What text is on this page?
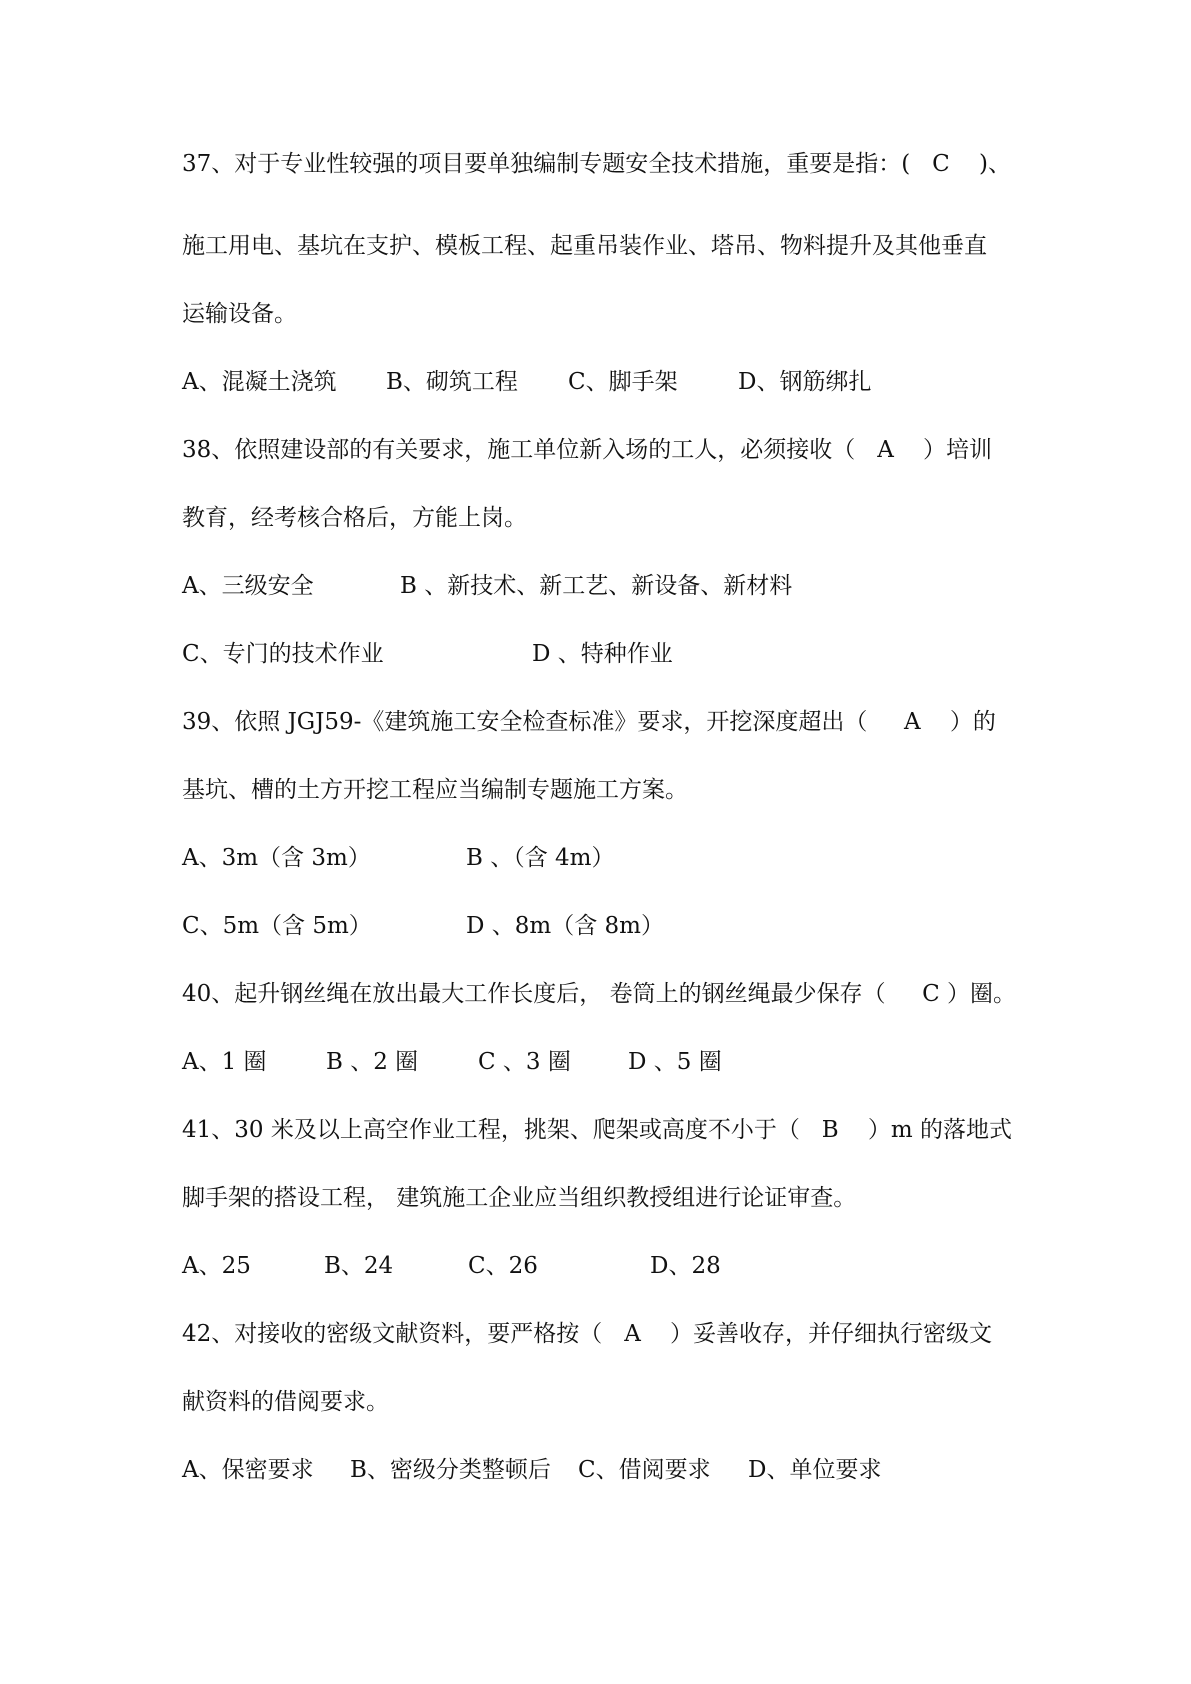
37、对于专业性较强的项目要单独编制专题安全技术措施，重要是指：(   C    )、
施工用电、基坑在支护、模板工程、起重吊装作业、塔吊、物料提升及其他垂直
运输设备。
A、混凝土浇筑 B、砌筑工程 C、脚手架	D、钢筋绑扎
38、依照建设部的有关要求，施工单位新入场的工人，必须接收（   A    ）培训
教育，经考核合格后，方能上岗。
A、三级安全	B 、新技术、新工艺、新设备、新材料
C、专门的技术作业	D 、特种作业
39、依照 JGJ59-《建筑施工安全检查标准》要求，开挖深度超出（     A    ）的
基坑、槽的土方开挖工程应当编制专题施工方案。
A、3m（含 3m）	B 、（含 4m）
C、5m（含 5m）	D 、8m（含 8m）
40、起升钢丝绳在放出最大工作长度后， 卷筒上的钢丝绳最少保存（     C ）圈。
A、1 圈	B 、2 圈	C 、3 圈 D 、5 圈
41、30 米及以上高空作业工程，挑架、爬架或高度不小于（   B    ）m 的落地式
脚手架的搭设工程， 建筑施工企业应当组织教授组进行论证审查。
A、25	B、24	C、26	D、28
42、对接收的密级文献资料，要严格按（   A    ）妥善收存，并仔细执行密级文
献资料的借阅要求。
A、保密要求 B、密级分类整顿后 C、借阅要求 D、单位要求
